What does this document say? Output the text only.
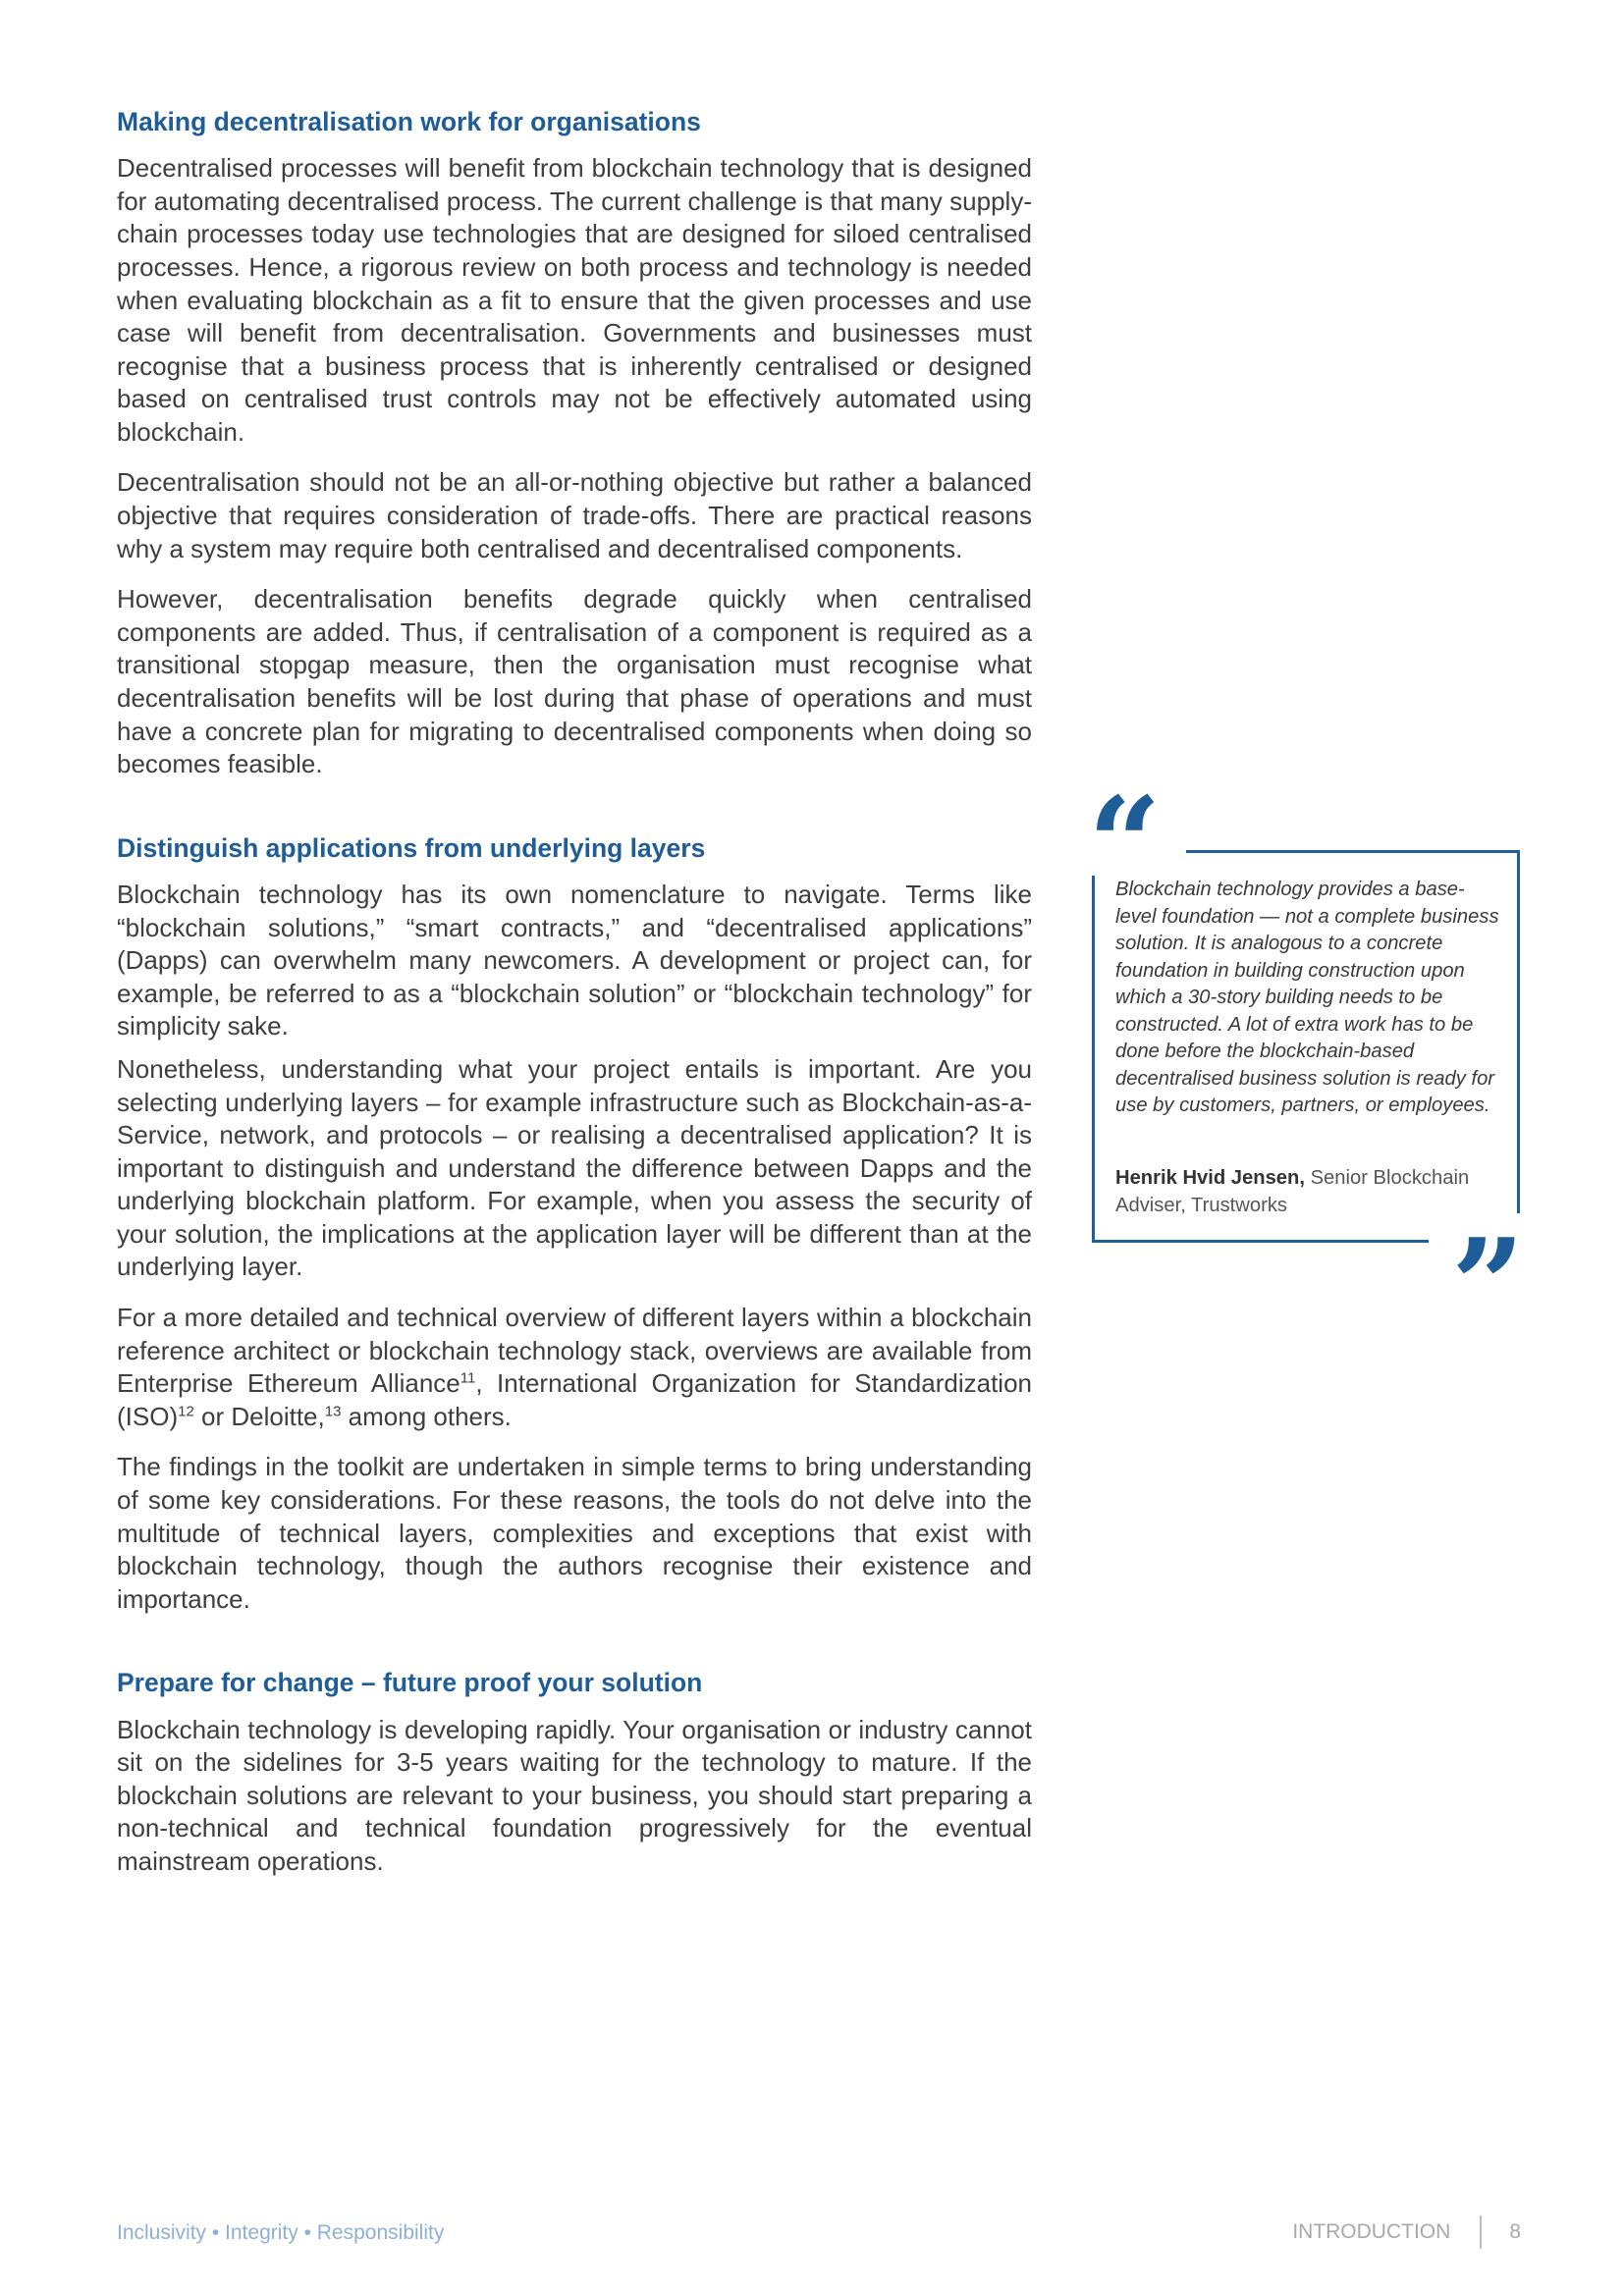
Making decentralisation work for organisations

Decentralised processes will benefit from blockchain technology that is designed for automating decentralised process. The current challenge is that many supply-chain processes today use technologies that are designed for siloed centralised processes. Hence, a rigorous review on both process and technology is needed when evaluating blockchain as a fit to ensure that the given processes and use case will benefit from decentralisation. Governments and businesses must recognise that a business process that is inherently centralised or designed based on centralised trust controls may not be effectively automated using blockchain.

Decentralisation should not be an all-or-nothing objective but rather a balanced objective that requires consideration of trade-offs. There are practical reasons why a system may require both centralised and decentralised components.

However, decentralisation benefits degrade quickly when centralised components are added. Thus, if centralisation of a component is required as a transitional stopgap measure, then the organisation must recognise what decentralisation benefits will be lost during that phase of operations and must have a concrete plan for migrating to decentralised components when doing so becomes feasible.

Distinguish applications from underlying layers

Blockchain technology has its own nomenclature to navigate. Terms like “blockchain solutions,” “smart contracts,” and “decentralised applications” (Dapps) can overwhelm many newcomers. A development or project can, for example, be referred to as a “blockchain solution” or “blockchain technology” for simplicity sake.

Nonetheless, understanding what your project entails is important. Are you selecting underlying layers – for example infrastructure such as Blockchain-as-a-Service, network, and protocols – or realising a decentralised application? It is important to distinguish and understand the difference between Dapps and the underlying blockchain platform. For example, when you assess the security of your solution, the implications at the application layer will be different than at the underlying layer.

For a more detailed and technical overview of different layers within a blockchain reference architect or blockchain technology stack, overviews are available from Enterprise Ethereum Alliance$^{11}$, International Organization for Standardization (ISO)$^{12}$ or Deloitte,$^{13}$ among others.

The findings in the toolkit are undertaken in simple terms to bring understanding of some key considerations. For these reasons, the tools do not delve into the multitude of technical layers, complexities and exceptions that exist with blockchain technology, though the authors recognise their existence and importance.

Prepare for change – future proof your solution

Blockchain technology is developing rapidly. Your organisation or industry cannot sit on the sidelines for 3-5 years waiting for the technology to mature. If the blockchain solutions are relevant to your business, you should start preparing a non-technical and technical foundation progressively for the eventual mainstream operations.

“

Blockchain technology provides a base-level foundation — not a complete business solution. It is analogous to a concrete foundation in building construction upon which a 30-story building needs to be constructed. A lot of extra work has to be done before the blockchain-based decentralised business solution is ready for use by customers, partners, or employees.

Henrik Hvid Jensen, Senior Blockchain Adviser, Trustworks

”
Inclusivity • Integrity • Responsibility	INTRODUCTION	8
